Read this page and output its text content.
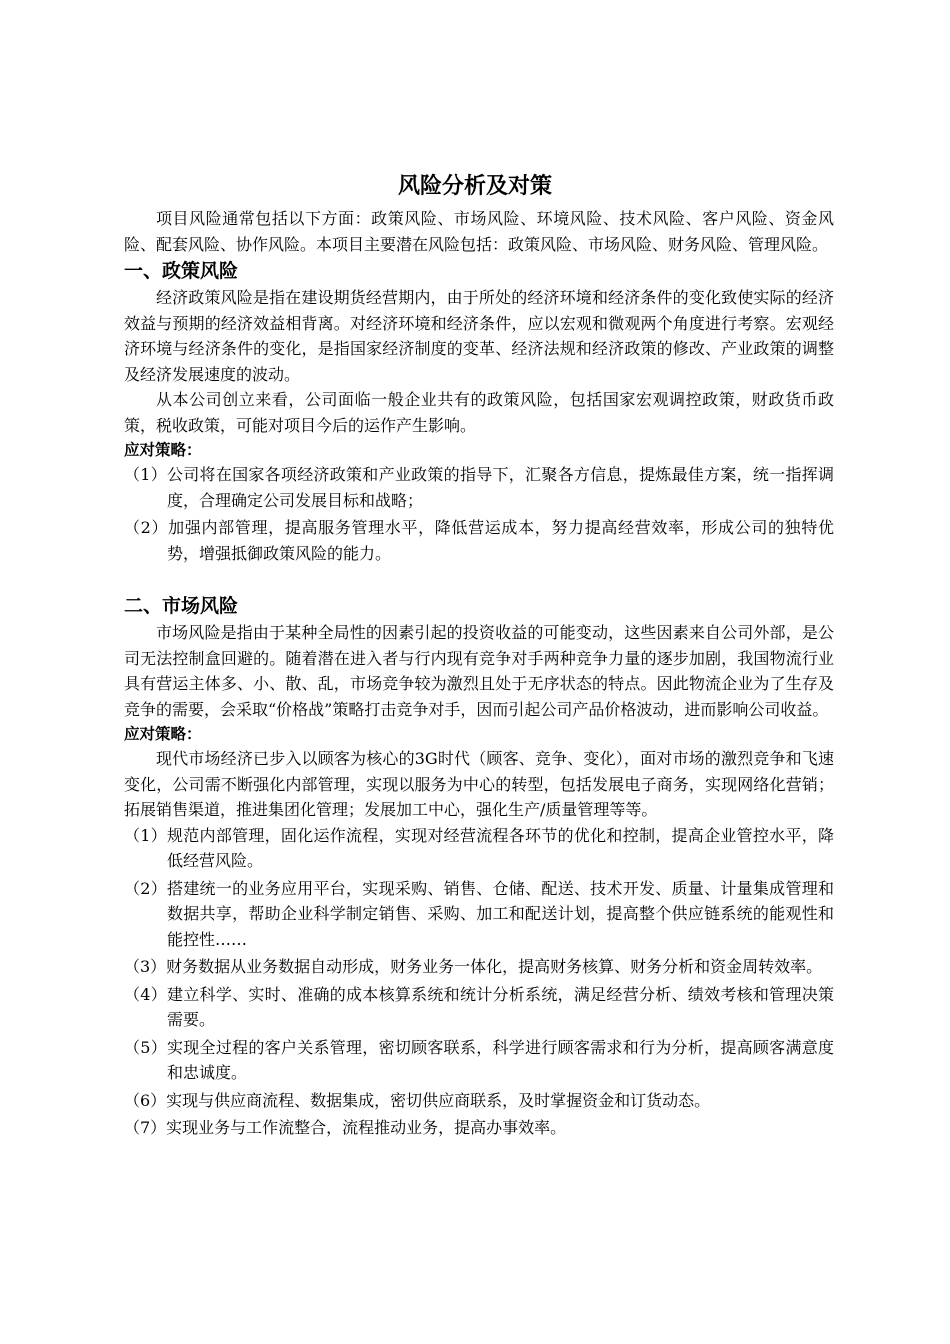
风险分析及对策

项目风险通常包括以下方面：政策风险、市场风险、环境风险、技术风险、客户风险、资金风险、配套风险、协作风险。本项目主要潜在风险包括：政策风险、市场风险、财务风险、管理风险。

一、政策风险

经济政策风险是指在建设期货经营期内，由于所处的经济环境和经济条件的变化致使实际的经济效益与预期的经济效益相背离。对经济环境和经济条件，应以宏观和微观两个角度进行考察。宏观经济环境与经济条件的变化，是指国家经济制度的变革、经济法规和经济政策的修改、产业政策的调整及经济发展速度的波动。

从本公司创立来看，公司面临一般企业共有的政策风险，包括国家宏观调控政策，财政货币政策，税收政策，可能对项目今后的运作产生影响。

应对策略：

（1）公司将在国家各项经济政策和产业政策的指导下，汇聚各方信息，提炼最佳方案，统一指挥调度，合理确定公司发展目标和战略；

（2）加强内部管理，提高服务管理水平，降低营运成本，努力提高经营效率，形成公司的独特优势，增强抵御政策风险的能力。

二、市场风险

市场风险是指由于某种全局性的因素引起的投资收益的可能变动，这些因素来自公司外部，是公司无法控制盒回避的。随着潜在进入者与行内现有竞争对手两种竞争力量的逐步加剧，我国物流行业具有营运主体多、小、散、乱，市场竞争较为激烈且处于无序状态的特点。因此物流企业为了生存及竞争的需要，会采取“价格战”策略打击竞争对手，因而引起公司产品价格波动，进而影响公司收益。

应对策略：

现代市场经济已步入以顾客为核心的3G时代（顾客、竞争、变化），面对市场的激烈竞争和飞速变化，公司需不断强化内部管理，实现以服务为中心的转型，包括发展电子商务，实现网络化营销；拓展销售渠道，推进集团化管理；发展加工中心，强化生产/质量管理等等。

（1）规范内部管理，固化运作流程，实现对经营流程各环节的优化和控制，提高企业管控水平，降低经营风险。

（2）搭建统一的业务应用平台，实现采购、销售、仓储、配送、技术开发、质量、计量集成管理和数据共享，帮助企业科学制定销售、采购、加工和配送计划，提高整个供应链系统的能观性和能控性……

（3）财务数据从业务数据自动形成，财务业务一体化，提高财务核算、财务分析和资金周转效率。

（4）建立科学、实时、准确的成本核算系统和统计分析系统，满足经营分析、绩效考核和管理决策需要。

（5）实现全过程的客户关系管理，密切顾客联系，科学进行顾客需求和行为分析，提高顾客满意度和忠诚度。

（6）实现与供应商流程、数据集成，密切供应商联系，及时掌握资金和订货动态。

（7）实现业务与工作流整合，流程推动业务，提高办事效率。
